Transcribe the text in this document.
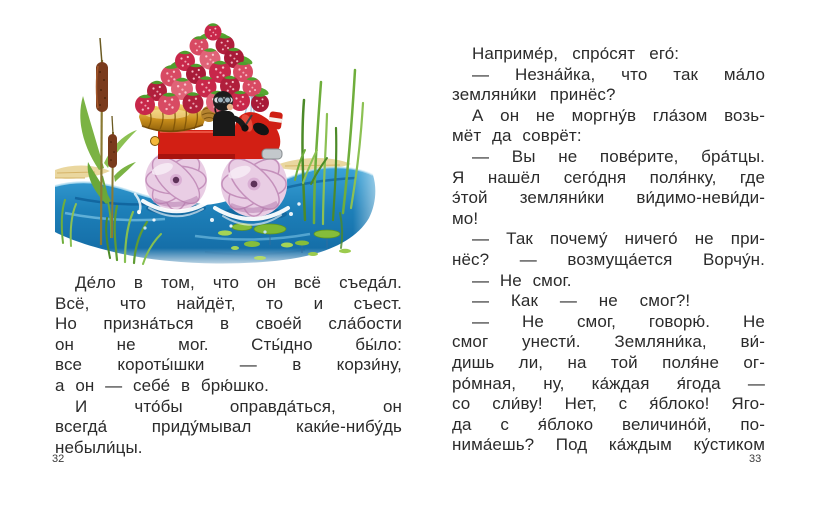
Де́ло в том, что он всё съеда́л.
Всё, что найдёт, то и съест.
Но призна́ться в свое́й сла́бости
он не мог. Сты́дно бы́ло:
все короты́шки — в корзи́ну,
а он — себе́ в брю́шко.
И что́бы оправда́ться, он
всегда́ приду́мывал каки́е-нибу́дь
небыли́цы.
Наприме́р, спро́сят его́:
— Незна́йка, что так ма́ло
земляни́ки принёс?
А он не моргну́в гла́зом возь-
мёт да соврёт:
— Вы не пове́рите, бра́тцы.
Я нашёл сего́дня поля́нку, где
э́той земляни́ки ви́димо-неви́ди-
мо!
— Так почему́ ничего́ не при-
нёс? — возмуща́ется Ворчу́н.
— Не смог.
— Как — не смог?!
— Не смог, говорю́. Не
смог унести́. Земляни́ка, ви́-
дишь ли, на той поля́не ог-
ро́мная, ну, ка́ждая я́года —
со сли́ву! Нет, с я́блоко! Яго-
да с я́блоко величино́й, по-
нима́ешь? Под ка́ждым ку́стиком
32	33
